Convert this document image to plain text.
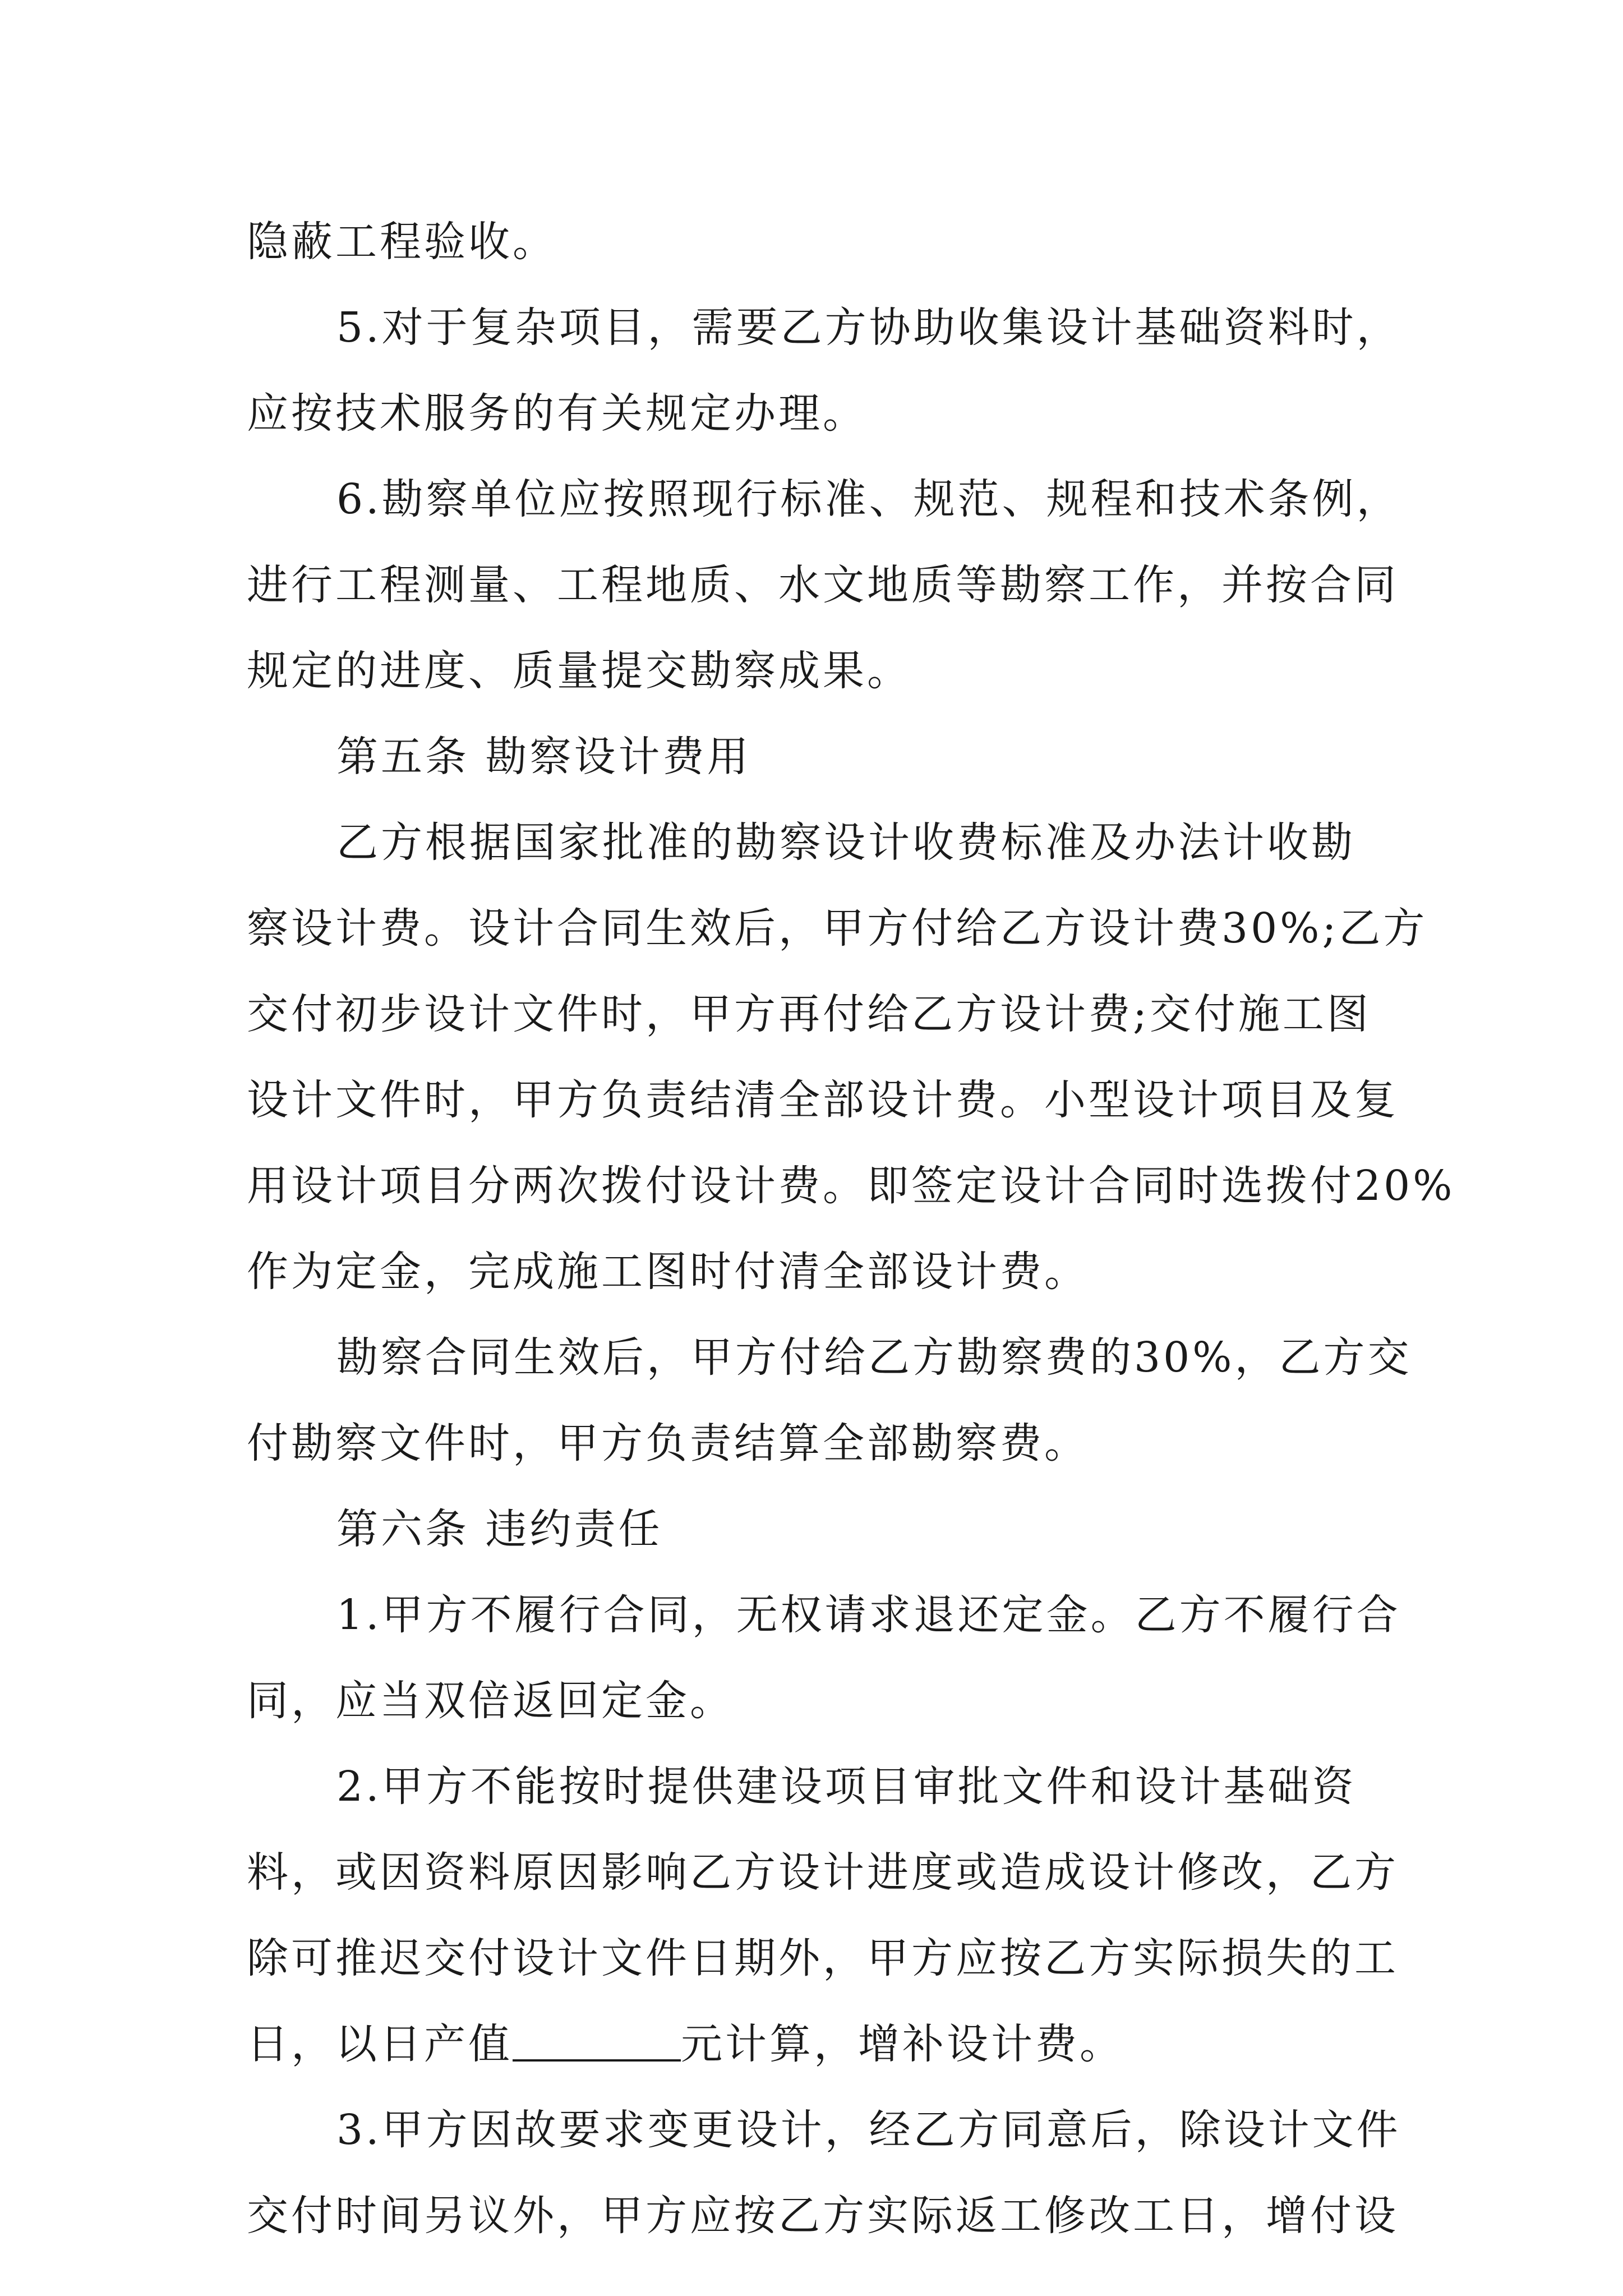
隐蔽工程验收。
5.对于复杂项目，需要乙方协助收集设计基础资料时，
应按技术服务的有关规定办理。
6.勘察单位应按照现行标准、规范、规程和技术条例，
进行工程测量、工程地质、水文地质等勘察工作，并按合同
规定的进度、质量提交勘察成果。
第五条 勘察设计费用
乙方根据国家批准的勘察设计收费标准及办法计收勘
察设计费。设计合同生效后，甲方付给乙方设计费30%;乙方
交付初步设计文件时，甲方再付给乙方设计费;交付施工图
设计文件时，甲方负责结清全部设计费。小型设计项目及复
用设计项目分两次拨付设计费。即签定设计合同时选拨付20%
作为定金，完成施工图时付清全部设计费。
勘察合同生效后，甲方付给乙方勘察费的30%，乙方交
付勘察文件时，甲方负责结算全部勘察费。
第六条 违约责任
1.甲方不履行合同，无权请求退还定金。乙方不履行合
同，应当双倍返回定金。
2.甲方不能按时提供建设项目审批文件和设计基础资
料，或因资料原因影响乙方设计进度或造成设计修改，乙方
除可推迟交付设计文件日期外，甲方应按乙方实际损失的工
日，以日产值	元计算，增补设计费。
3.甲方因故要求变更设计，经乙方同意后，除设计文件
交付时间另议外，甲方应按乙方实际返工修改工日，增付设
